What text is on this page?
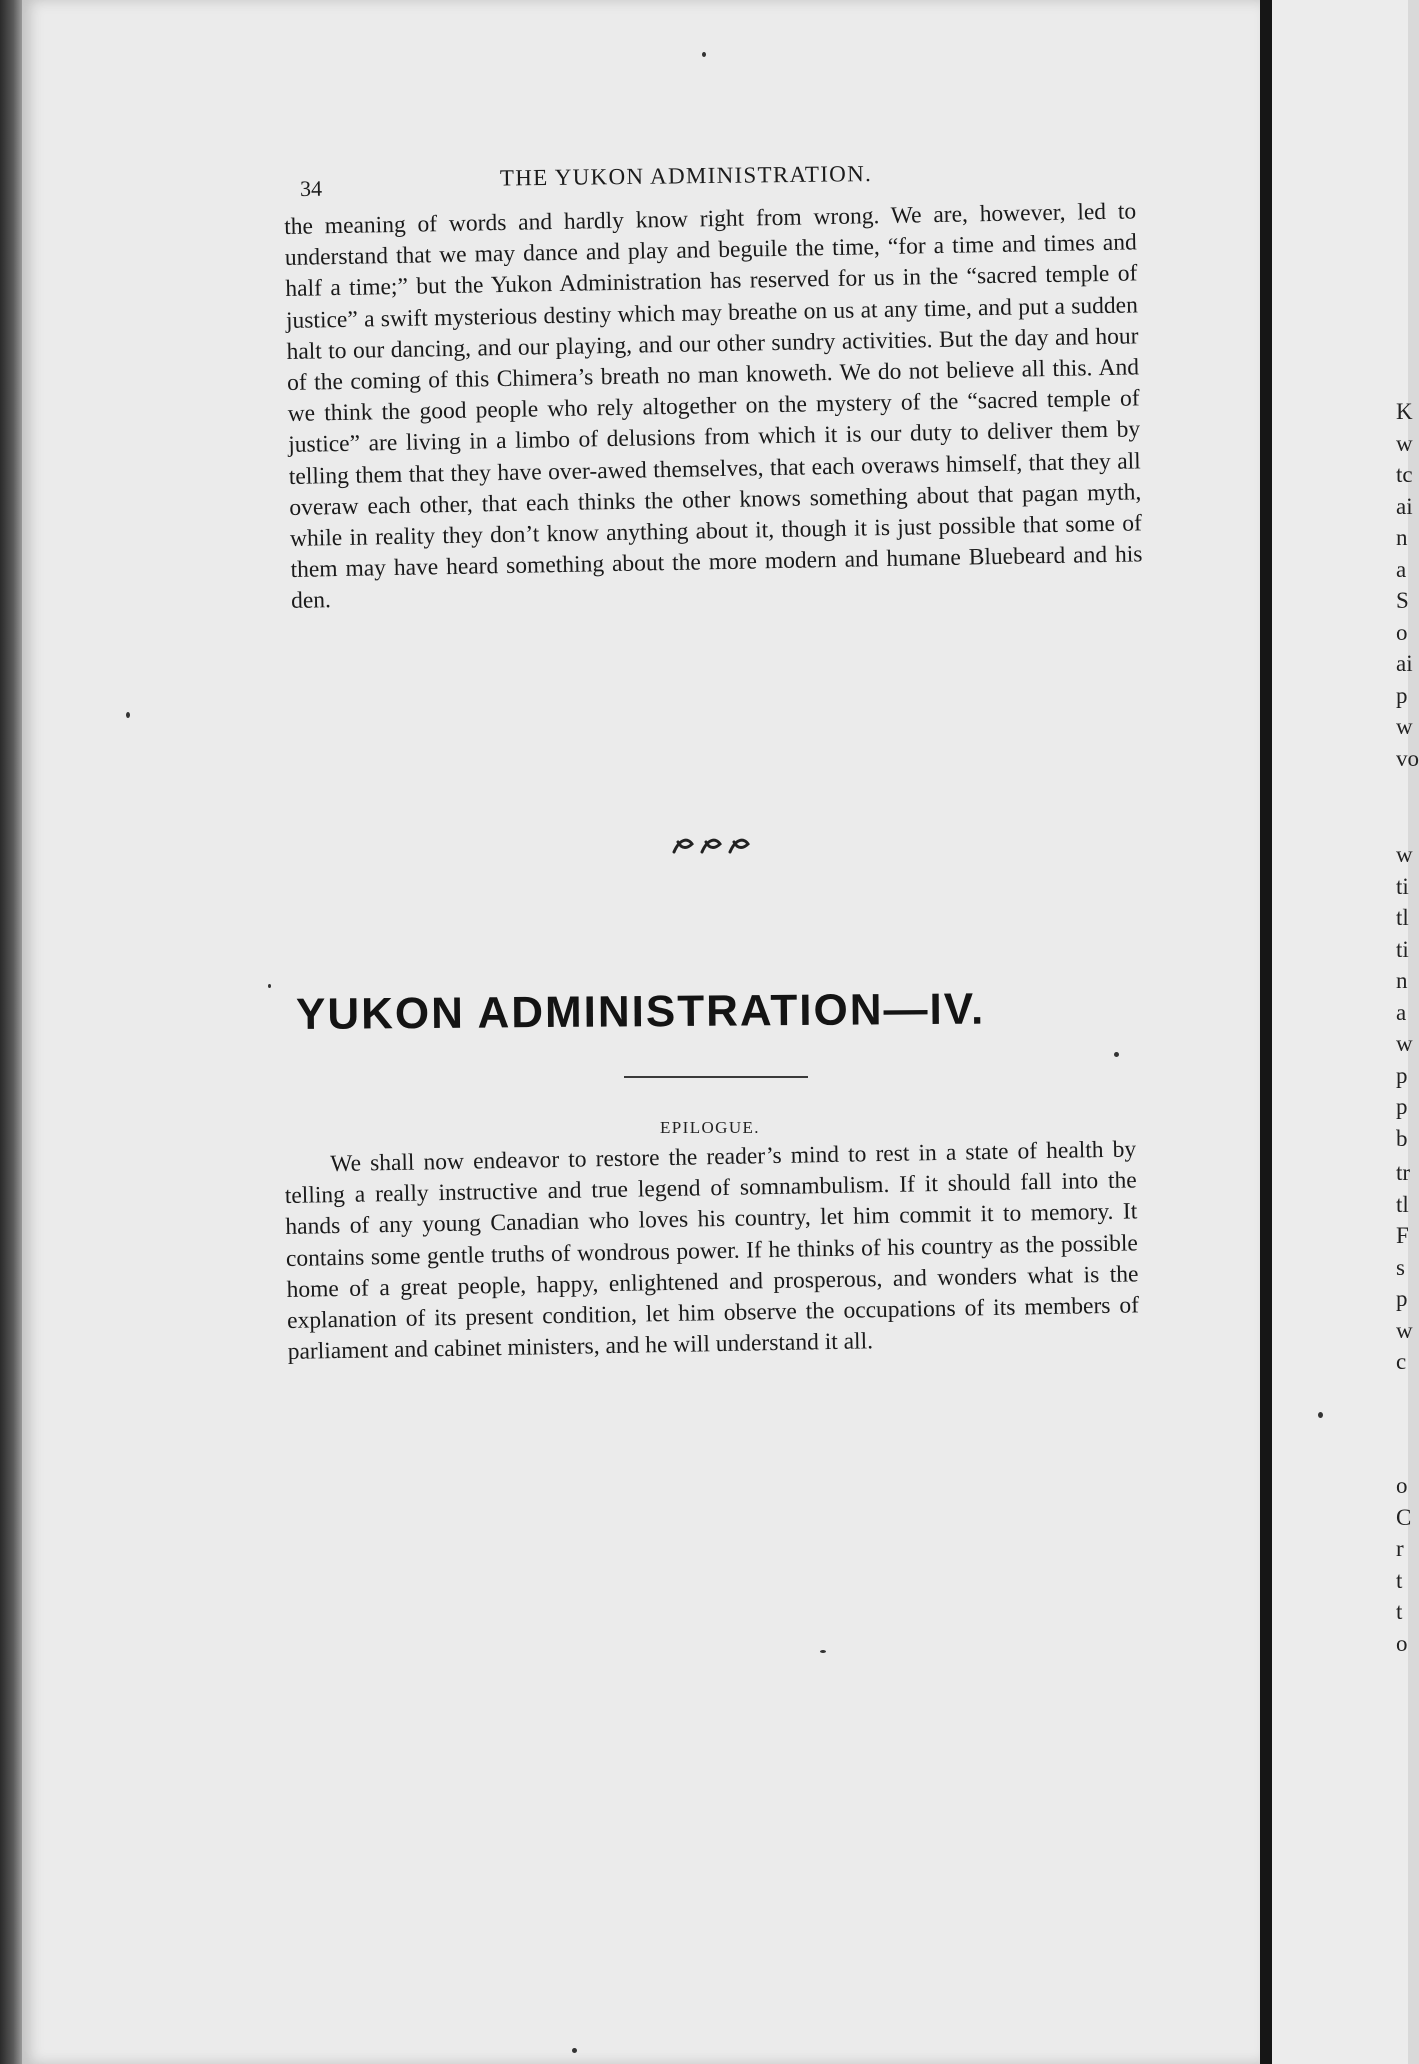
34	THE YUKON ADMINISTRATION.
the meaning of words and hardly know right from wrong. We are, however, led to understand that we may dance and play and beguile the time, “for a time and times and half a time;” but the Yukon Administration has reserved for us in the “sacred temple of justice” a swift mysterious destiny which may breathe on us at any time, and put a sudden halt to our dancing, and our playing, and our other sundry activities. But the day and hour of the coming of this Chimera’s breath no man knoweth. We do not believe all this. And we think the good people who rely altogether on the mystery of the “sacred temple of justice” are living in a limbo of delusions from which it is our duty to deliver them by telling them that they have over-awed themselves, that each overaws himself, that they all overaw each other, that each thinks the other knows something about that pagan myth, while in reality they don’t know anything about it, though it is just possible that some of them may have heard something about the more modern and humane Bluebeard and his den.
YUKON ADMINISTRATION—IV.
EPILOGUE.
We shall now endeavor to restore the reader’s mind to rest in a state of health by telling a really instructive and true legend of somnambulism. If it should fall into the hands of any young Canadian who loves his country, let him commit it to memory. It contains some gentle truths of wondrous power. If he thinks of his country as the possible home of a great people, happy, enlightened and prosperous, and wonders what is the explanation of its present condition, let him observe the occupations of its members of parliament and cabinet ministers, and he will understand it all.
K
w
tc
ai
n
a
S
o
ai
p
w
vo
w
ti
tl
ti
n
a
w
p
p
b
tr
tl
F
s
p
w
c
o
C
r
t
t
o
